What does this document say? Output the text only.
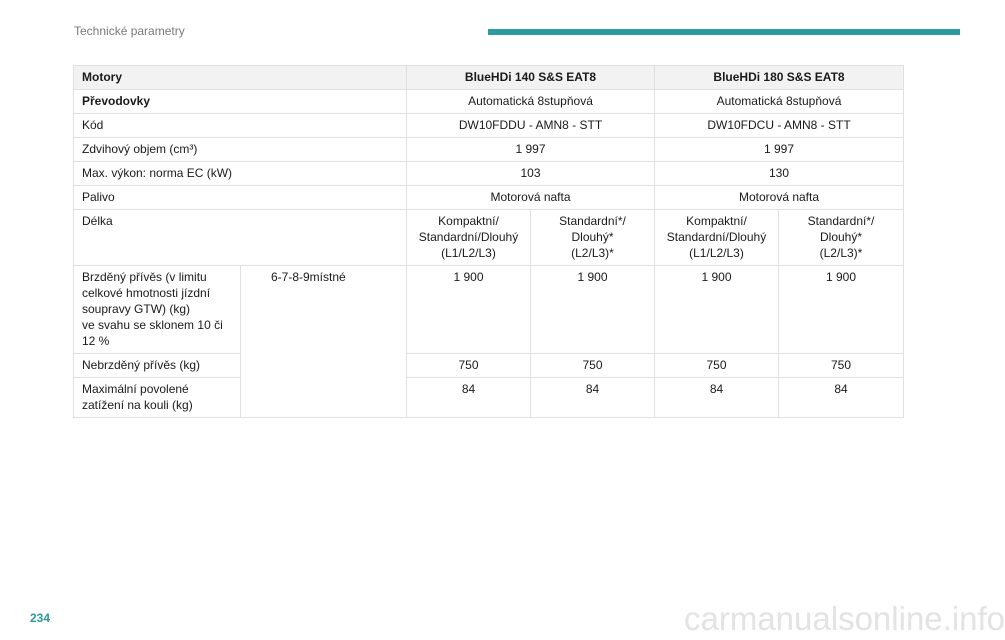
Technické parametry
Motory		BlueHDi 140 S&S EAT8		BlueHDi 180 S&S EAT8	
Převodovky		Automatická 8stupňová		Automatická 8stupňová	
Kód		DW10FDDU - AMN8 - STT		DW10FDCU - AMN8 - STT	
Zdvihový objem (cm³)		1 997		1 997	
Max. výkon: norma EC (kW)		103		130	
Palivo		Motorová nafta		Motorová nafta	
Délka		Kompaktní/
Standardní/Dlouhý
(L1/L2/L3)	Standardní*/
Dlouhý*
(L2/L3)*	Kompaktní/
Standardní/Dlouhý
(L1/L2/L3)	Standardní*/
Dlouhý*
(L2/L3)*
Brzděný přívěs (v limitu celkové hmotnosti jízdní soupravy GTW) (kg)
ve svahu se sklonem 10 či 12 %	6-7-8-9místné	1 900	1 900	1 900	1 900
Nebrzděný přívěs (kg)		750	750	750	750
Maximální povolené zatížení na kouli (kg)		84	84	84	84
234	carmanualsonline.info
